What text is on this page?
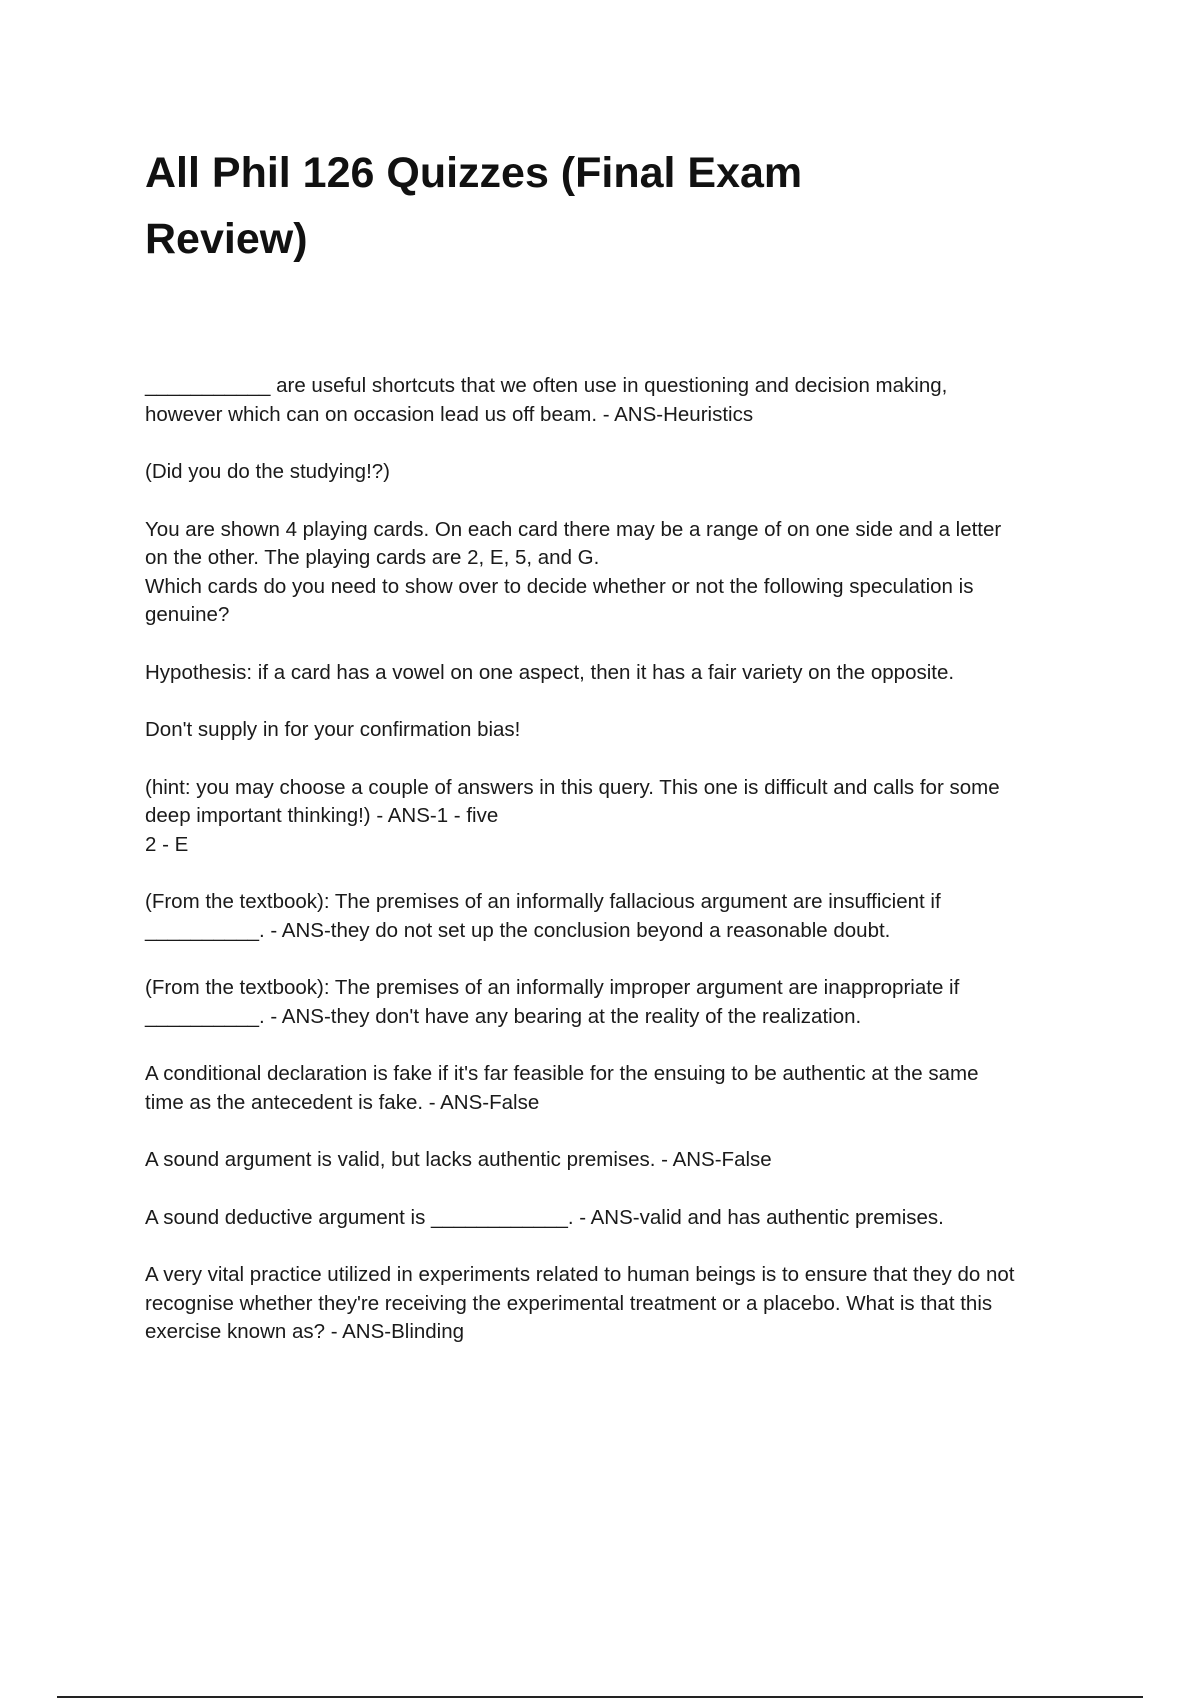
All Phil 126 Quizzes (Final Exam
Review)

___________ are useful shortcuts that we often use in questioning and decision making,
however which can on occasion lead us off beam. - ANS-Heuristics

(Did you do the studying!?)

You are shown 4 playing cards. On each card there may be a range of on one side and a letter
on the other. The playing cards are 2, E, 5, and G.
Which cards do you need to show over to decide whether or not the following speculation is
genuine?

Hypothesis: if a card has a vowel on one aspect, then it has a fair variety on the opposite.

Don't supply in for your confirmation bias!

(hint: you may choose a couple of answers in this query. This one is difficult and calls for some
deep important thinking!) - ANS-1 - five
2 - E

(From the textbook): The premises of an informally fallacious argument are insufficient if
__________. - ANS-they do not set up the conclusion beyond a reasonable doubt.

(From the textbook): The premises of an informally improper argument are inappropriate if
__________. - ANS-they don't have any bearing at the reality of the realization.

A conditional declaration is fake if it's far feasible for the ensuing to be authentic at the same
time as the antecedent is fake. - ANS-False

A sound argument is valid, but lacks authentic premises. - ANS-False

A sound deductive argument is ____________. - ANS-valid and has authentic premises.

A very vital practice utilized in experiments related to human beings is to ensure that they do not
recognise whether they're receiving the experimental treatment or a placebo. What is that this
exercise known as? - ANS-Blinding
